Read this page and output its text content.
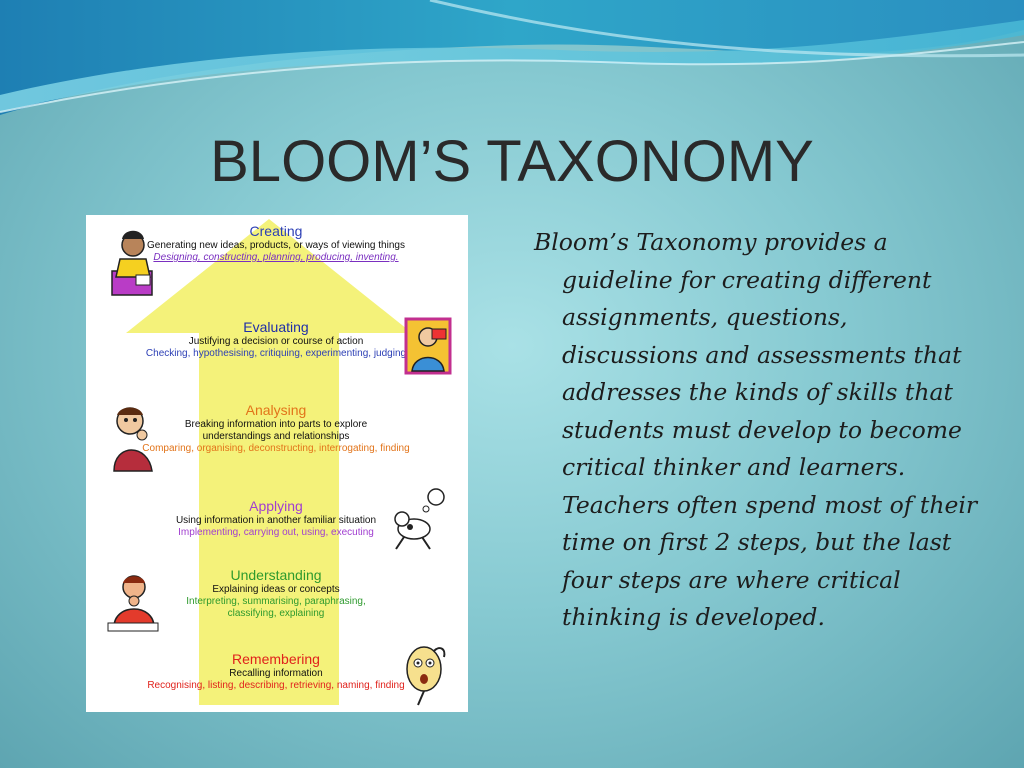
BLOOM’S TAXONOMY
Creating
Generating new ideas, products, or ways of viewing things
Designing, constructing, planning, producing, inventing.
Evaluating
Justifying a decision or course of action
Checking, hypothesising, critiquing, experimenting, judging
Analysing
Breaking information into parts to explore understandings and relationships
Comparing, organising, deconstructing, interrogating, finding
Applying
Using information in another familiar situation
Implementing, carrying out, using, executing
Understanding
Explaining ideas or concepts
Interpreting, summarising, paraphrasing, classifying, explaining
Remembering
Recalling information
Recognising, listing, describing, retrieving, naming, finding

Bloom’s Taxonomy provides a guideline for creating different assignments, questions, discussions and assessments that addresses the kinds of skills that students must develop to become critical thinker and learners. Teachers often spend most of their time on first 2 steps, but the last four steps are where critical thinking is developed.
